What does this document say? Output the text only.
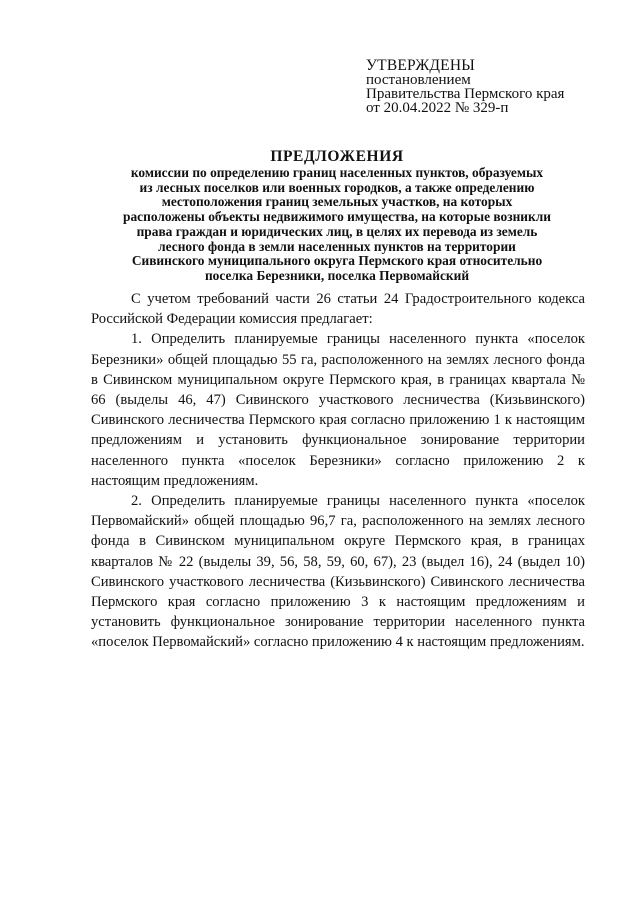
УТВЕРЖДЕНЫ
постановлением
Правительства Пермского края
от 20.04.2022 № 329-п
ПРЕДЛОЖЕНИЯ
комиссии по определению границ населенных пунктов, образуемых
из лесных поселков или военных городков, а также определению
местоположения границ земельных участков, на которых
расположены объекты недвижимого имущества, на которые возникли
права граждан и юридических лиц, в целях их перевода из земель
лесного фонда в земли населенных пунктов на территории
Сивинского муниципального округа Пермского края относительно
поселка Березники, поселка Первомайский

С учетом требований части 26 статьи 24 Градостроительного кодекса Российской Федерации комиссия предлагает:

1. Определить планируемые границы населенного пункта «поселок Березники» общей площадью 55 га, расположенного на землях лесного фонда в Сивинском муниципальном округе Пермского края, в границах квартала № 66 (выделы 46, 47) Сивинского участкового лесничества (Кизьвинского) Сивинского лесничества Пермского края согласно приложению 1 к настоящим предложениям и установить функциональное зонирование территории населенного пункта «поселок Березники» согласно приложению 2 к настоящим предложениям.

2. Определить планируемые границы населенного пункта «поселок Первомайский» общей площадью 96,7 га, расположенного на землях лесного фонда в Сивинском муниципальном округе Пермского края, в границах кварталов № 22 (выделы 39, 56, 58, 59, 60, 67), 23 (выдел 16), 24 (выдел 10) Сивинского участкового лесничества (Кизьвинского) Сивинского лесничества Пермского края согласно приложению 3 к настоящим предложениям и установить функциональное зонирование территории населенного пункта «поселок Первомайский» согласно приложению 4 к настоящим предложениям.
